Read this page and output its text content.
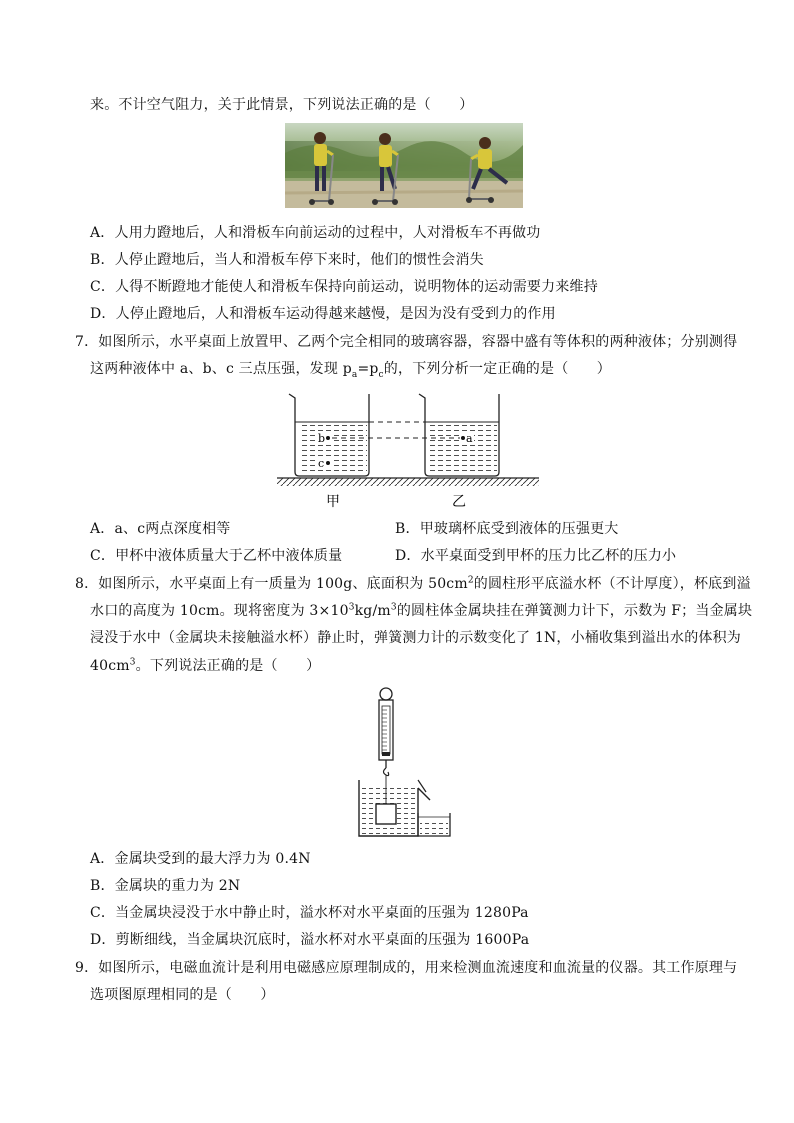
来。不计空气阻力，关于此情景，下列说法正确的是（　　）
A．人用力蹬地后，人和滑板车向前运动的过程中，人对滑板车不再做功
B．人停止蹬地后，当人和滑板车停下来时，他们的惯性会消失
C．人得不断蹬地才能使人和滑板车保持向前运动，说明物体的运动需要力来维持
D．人停止蹬地后，人和滑板车运动得越来越慢，是因为没有受到力的作用
7．如图所示，水平桌面上放置甲、乙两个完全相同的玻璃容器，容器中盛有等体积的两种液体；分别测得
这两种液体中 a、b、c 三点压强，发现 $p_a=p_c$的，下列分析一定正确的是（　　）
b
c
a
甲	乙
A．a、c两点深度相等	B．甲玻璃杯底受到液体的压强更大
C．甲杯中液体质量大于乙杯中液体质量	D．水平桌面受到甲杯的压力比乙杯的压力小
8．如图所示，水平桌面上有一质量为 100g、底面积为 $50cm^2$的圆柱形平底溢水杯（不计厚度），杯底到溢
水口的高度为 10cm。现将密度为 $3\times 10^3kg/m^3$的圆柱体金属块挂在弹簧测力计下，示数为 F；当金属块
浸没于水中（金属块未接触溢水杯）静止时，弹簧测力计的示数变化了 1N，小桶收集到溢出水的体积为
$40cm^3$。下列说法正确的是（　　）
A．金属块受到的最大浮力为 0.4N
B．金属块的重力为 2N
C．当金属块浸没于水中静止时，溢水杯对水平桌面的压强为 1280Pa
D．剪断细线，当金属块沉底时，溢水杯对水平桌面的压强为 1600Pa
9．如图所示，电磁血流计是利用电磁感应原理制成的，用来检测血流速度和血流量的仪器。其工作原理与
选项图原理相同的是（　　）
